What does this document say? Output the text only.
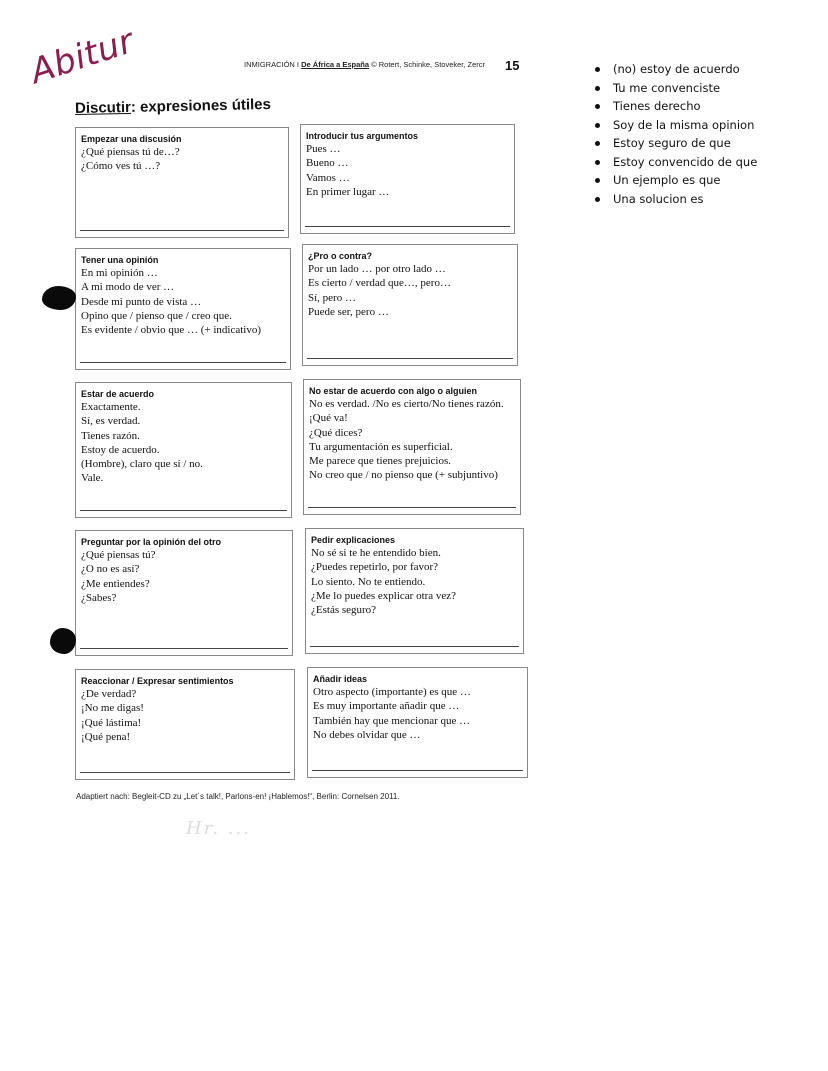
Abitur	INMIGRACIÓN I De África a España © Rotert, Schinke, Stoveker, Zercr 15
Discutir: expresiones útiles
Empezar una discusión
¿Qué piensas tú de…?
¿Cómo ves tú …?
Introducir tus argumentos
Pues …
Bueno …
Vamos …
En primer lugar …
Tener una opinión
En mi opinión …
A mi modo de ver …
Desde mi punto de vista …
Opino que / pienso que / creo que.
Es evidente / obvio que … (+ indicativo)
¿Pro o contra?
Por un lado … por otro lado …
Es cierto / verdad que…, pero…
Sí, pero …
Puede ser, pero …
Estar de acuerdo
Exactamente.
Sí, es verdad.
Tienes razón.
Estoy de acuerdo.
(Hombre), claro que sí / no.
Vale.
No estar de acuerdo con algo o alguien
No es verdad. /No es cierto/No tienes razón.
¡Qué va!
¿Qué dices?
Tu argumentación es superficial.
Me parece que tienes prejuicios.
No creo que / no pienso que (+ subjuntivo)
Preguntar por la opinión del otro
¿Qué piensas tú?
¿O no es así?
¿Me entiendes?
¿Sabes?
Pedir explicaciones
No sé si te he entendido bien.
¿Puedes repetirlo, por favor?
Lo siento. No te entiendo.
¿Me lo puedes explicar otra vez?
¿Estás seguro?
Reaccionar / Expresar sentimientos
¿De verdad?
¡No me digas!
¡Qué lástima!
¡Qué pena!
Añadir ideas
Otro aspecto (importante) es que …
Es muy importante añadir que …
También hay que mencionar que …
No debes olvidar que …
Adaptiert nach: Begleit-CD zu „Let´s talk!, Parlons-en! ¡Hablemos!“, Berlin: Cornelsen 2011.
Hr. ...
(no) estoy de acuerdo
Tu me convenciste
Tienes derecho
Soy de la misma opinion
Estoy seguro de que
Estoy convencido de que
Un ejemplo es que
Una solucion es
